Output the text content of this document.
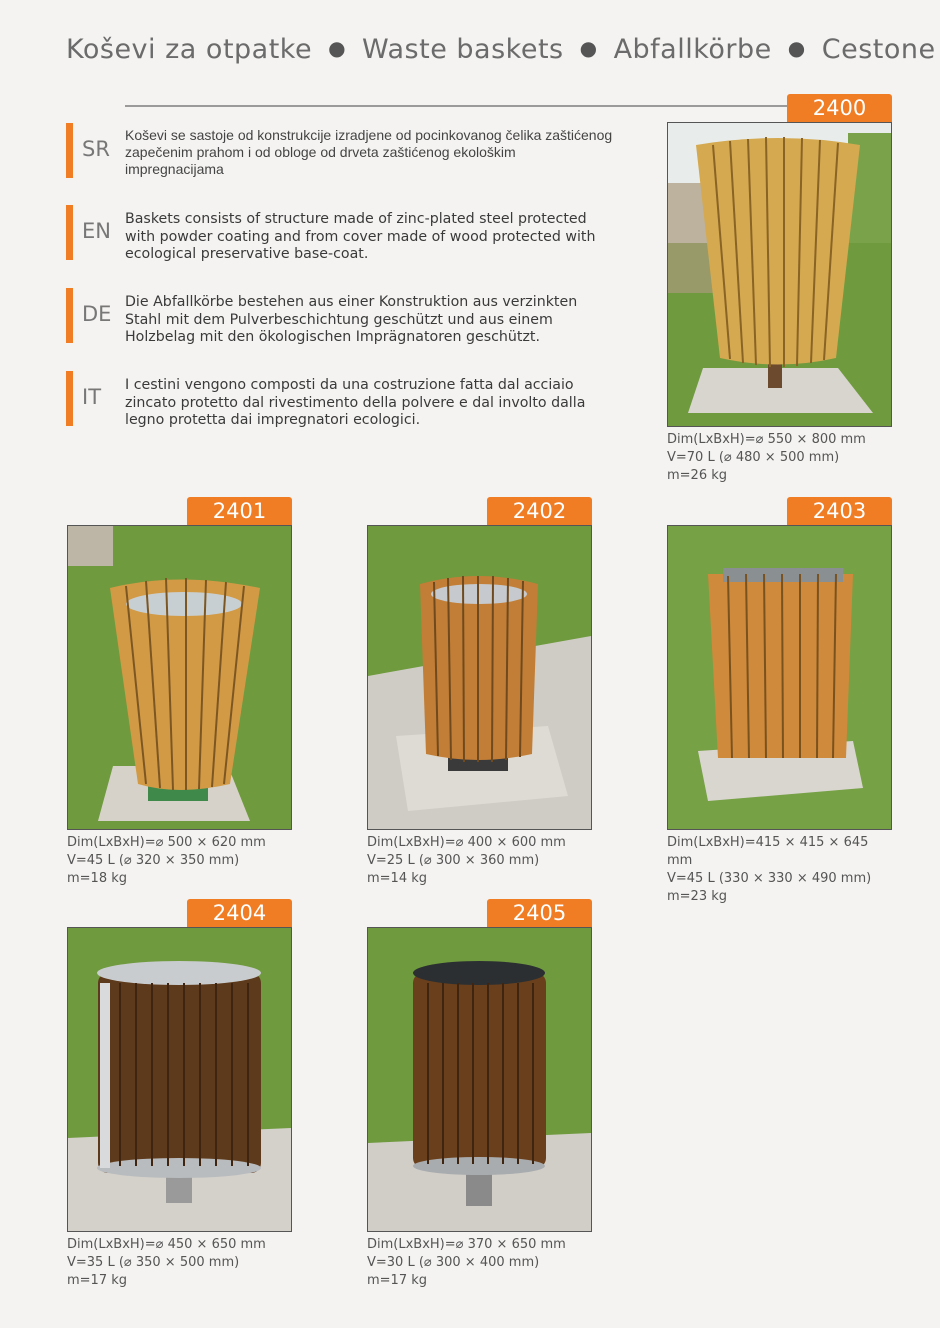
Koševi za otpatke ● Waste baskets ● Abfallkörbe ● Cestone
SR
Koševi se sastoje od konstrukcije izradjene od pocinkovanog čelika zaštićenog zapečenim prahom i od obloge od drveta zaštićenog ekološkim impregnacijama
EN Baskets consists of structure made of zinc-plated steel protected with powder coating and from cover made of wood protected with ecological preservative base-coat.
DE Die Abfallkörbe bestehen aus einer Konstruktion aus verzinkten Stahl mit dem Pulverbeschichtung geschützt und aus einem Holzbelag mit den ökologischen Imprägnatoren geschützt.
IT	I cestini vengono composti da una costruzione fatta dal acciaio zincato protetto dal rivestimento della polvere e dal involto dalla legno protetta dai impregnatori ecologici.
2400
Dim(LxBxH)=⌀ 550 × 800 mm
V=70 L (⌀ 480 × 500 mm)
m=26 kg
2401
Dim(LxBxH)=⌀ 500 × 620 mm
V=45 L (⌀ 320 × 350 mm)
m=18 kg
2402
Dim(LxBxH)=⌀ 400 × 600 mm
V=25 L (⌀ 300 × 360 mm)
m=14 kg
2403
Dim(LxBxH)=415 × 415 × 645 mm
V=45 L (330 × 330 × 490 mm)
m=23 kg
2404
Dim(LxBxH)=⌀ 450 × 650 mm
V=35 L (⌀ 350 × 500 mm)
m=17 kg
2405
Dim(LxBxH)=⌀ 370 × 650 mm
V=30 L (⌀ 300 × 400 mm)
m=17 kg
